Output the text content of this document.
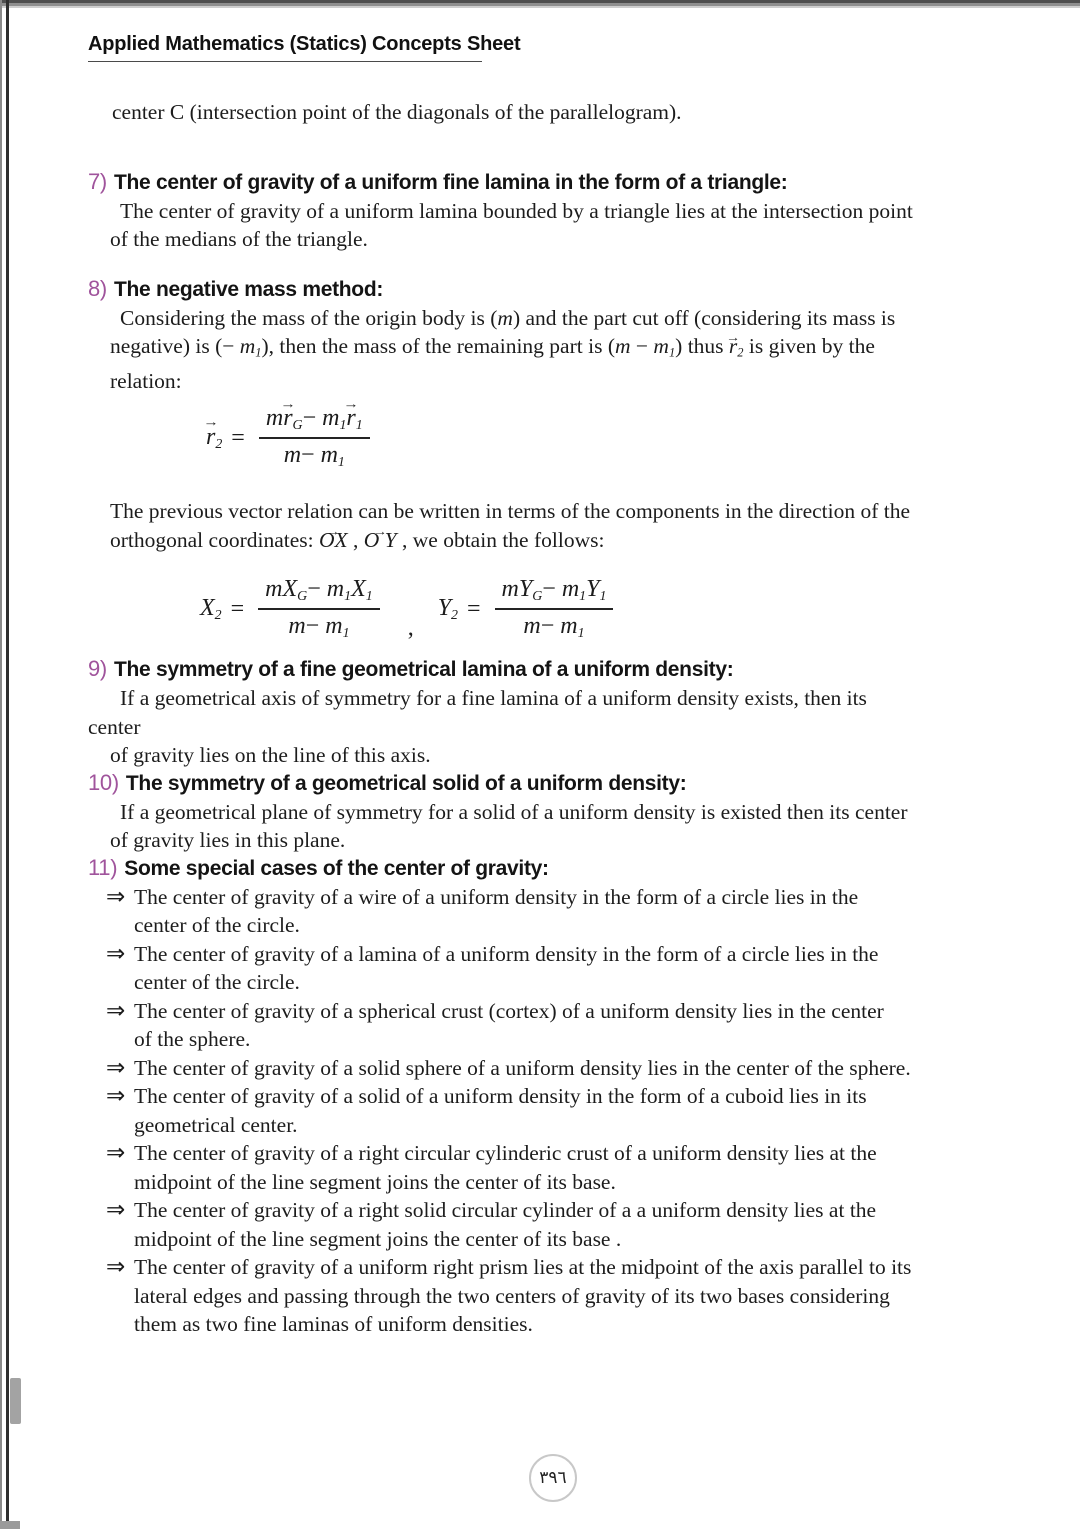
Applied Mathematics (Statics) Concepts Sheet
center C (intersection point of the diagonals of the parallelogram).
7) The center of gravity of a uniform fine lamina in the form of a triangle:
The center of gravity of a uniform lamina bounded by a triangle lies at the intersection point
of the medians of the triangle.
8) The negative mass method:
Considering the mass of the origin body is (m) and the part cut off (considering its mass is
negative) is (− m1), then the mass of the remaining part is (m − m1) thus r →2 is given by the
relation:
$r \to 2 = \frac{mr \to G- m1r \to 1}{m- m1}$
The previous vector relation can be written in terms of the components in the direction of the
orthogonal coordinates: OX → , O Y → , we obtain the follows:
$X2 = \frac{\text{mXG− m1X1}}{m- m1}$ ,
$Y2 = \frac{\text{mYG− m1Y1}}{m- m1}$
9) The symmetry of a fine geometrical lamina of a uniform density:
If a geometrical axis of symmetry for a fine lamina of a uniform density exists, then its
center
of gravity lies on the line of this axis.
10) The symmetry of a geometrical solid of a uniform density:
If a geometrical plane of symmetry for a solid of a uniform density is existed then its center
of gravity lies in this plane.
11) Some special cases of the center of gravity:
⇒ The center of gravity of a wire of a uniform density in the form of a circle lies in the
center of the circle.
⇒ The center of gravity of a lamina of a uniform density in the form of a circle lies in the
center of the circle.
⇒ The center of gravity of a spherical crust (cortex) of a uniform density lies in the center
of the sphere.
⇒ The center of gravity of a solid sphere of a uniform density lies in the center of the sphere.
⇒ The center of gravity of a solid of a uniform density in the form of a cuboid lies in its
geometrical center.
⇒ The center of gravity of a right circular cylinderic crust of a uniform density lies at the
midpoint of the line segment joins the center of its base.
⇒ The center of gravity of a right solid circular cylinder of a a uniform density lies at the
midpoint of the line segment joins the center of its base .
⇒ The center of gravity of a uniform right prism lies at the midpoint of the axis parallel to its
lateral edges and passing through the two centers of gravity of its two bases considering
them as two fine laminas of uniform densities.
٣٩٦
